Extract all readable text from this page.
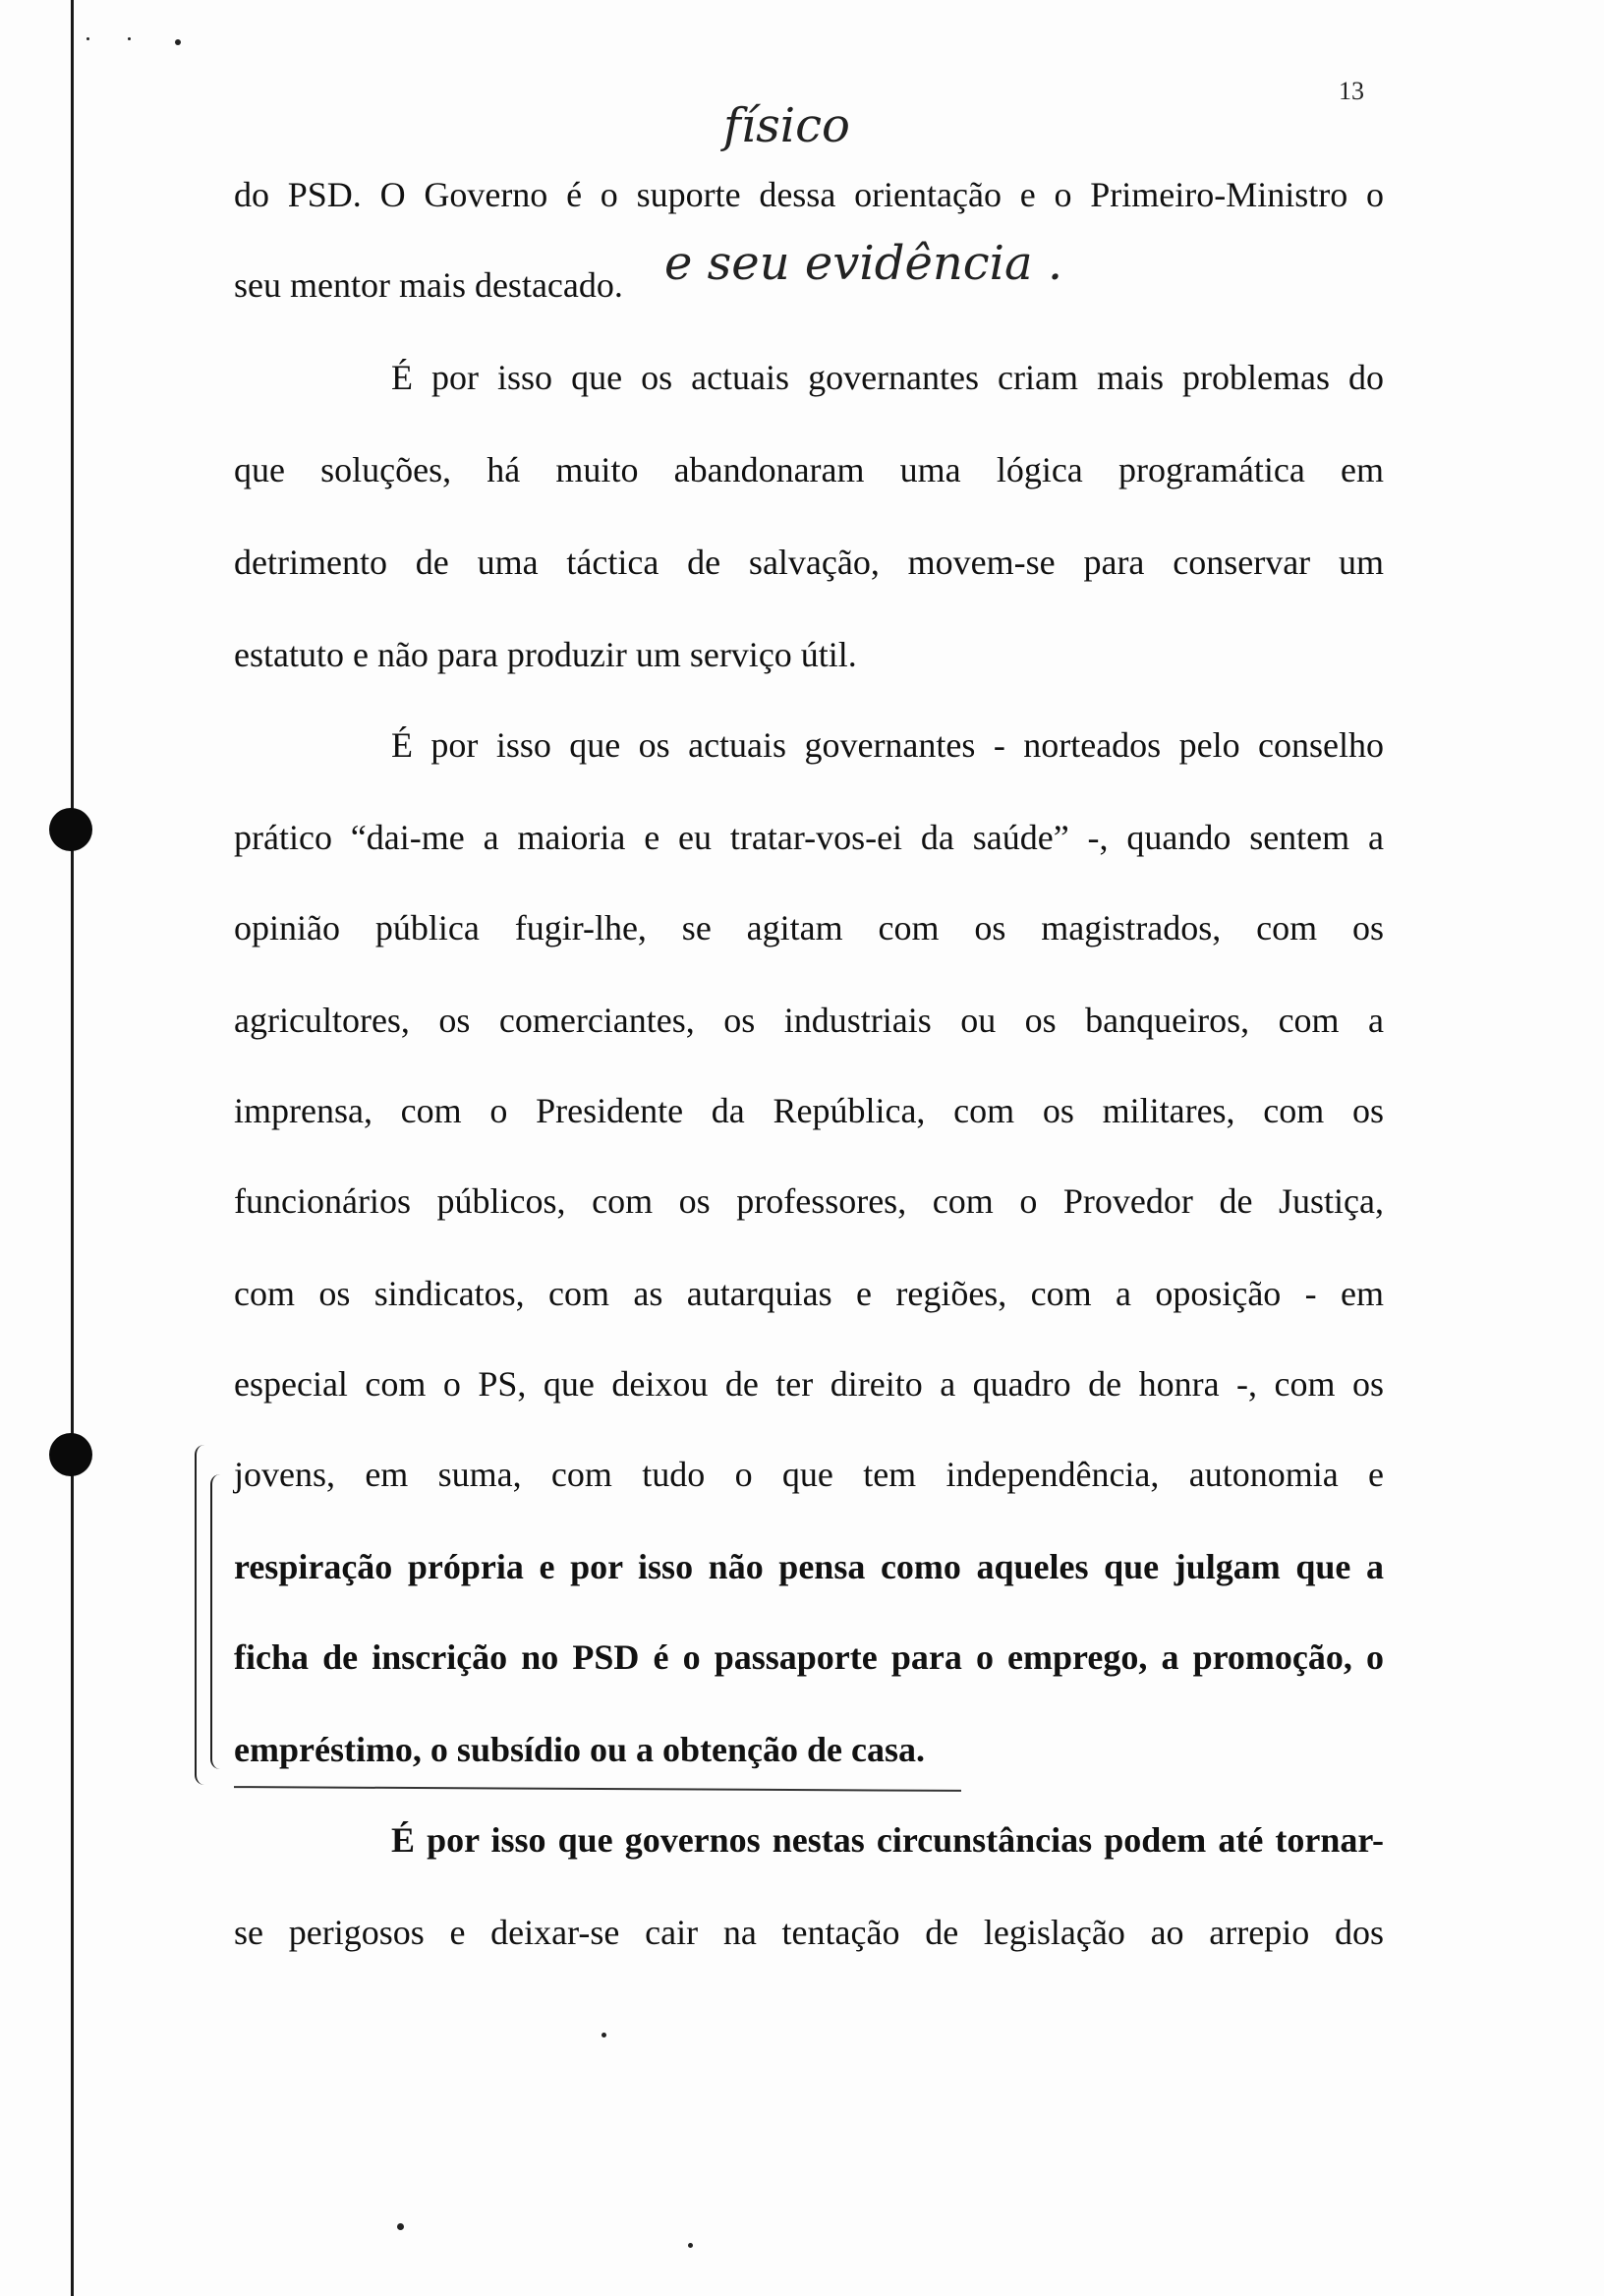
13
físico
e seu evidência .
do PSD. O Governo é o suporte dessa orientação e o Primeiro-Ministro o
seu mentor mais destacado.
É por isso que os actuais governantes criam mais problemas do
que soluções, há muito abandonaram uma lógica programática em
detrimento de uma táctica de salvação, movem-se para conservar um
estatuto e não para produzir um serviço útil.
É por isso que os actuais governantes - norteados pelo conselho
prático “dai-me a maioria e eu tratar-vos-ei da saúde” -, quando sentem a
opinião pública fugir-lhe, se agitam com os magistrados, com os
agricultores, os comerciantes, os industriais ou os banqueiros, com a
imprensa, com o Presidente da República, com os militares, com os
funcionários públicos, com os professores, com o Provedor de Justiça,
com os sindicatos, com as autarquias e regiões, com a oposição - em
especial com o PS, que deixou de ter direito a quadro de honra -, com os
jovens, em suma, com tudo o que tem independência, autonomia e
respiração própria e por isso não pensa como aqueles que julgam que a
ficha de inscrição no PSD é o passaporte para o emprego, a promoção, o
empréstimo, o subsídio ou a obtenção de casa.
É por isso que governos nestas circunstâncias podem até tornar-
se perigosos e deixar-se cair na tentação de legislação ao arrepio dos
